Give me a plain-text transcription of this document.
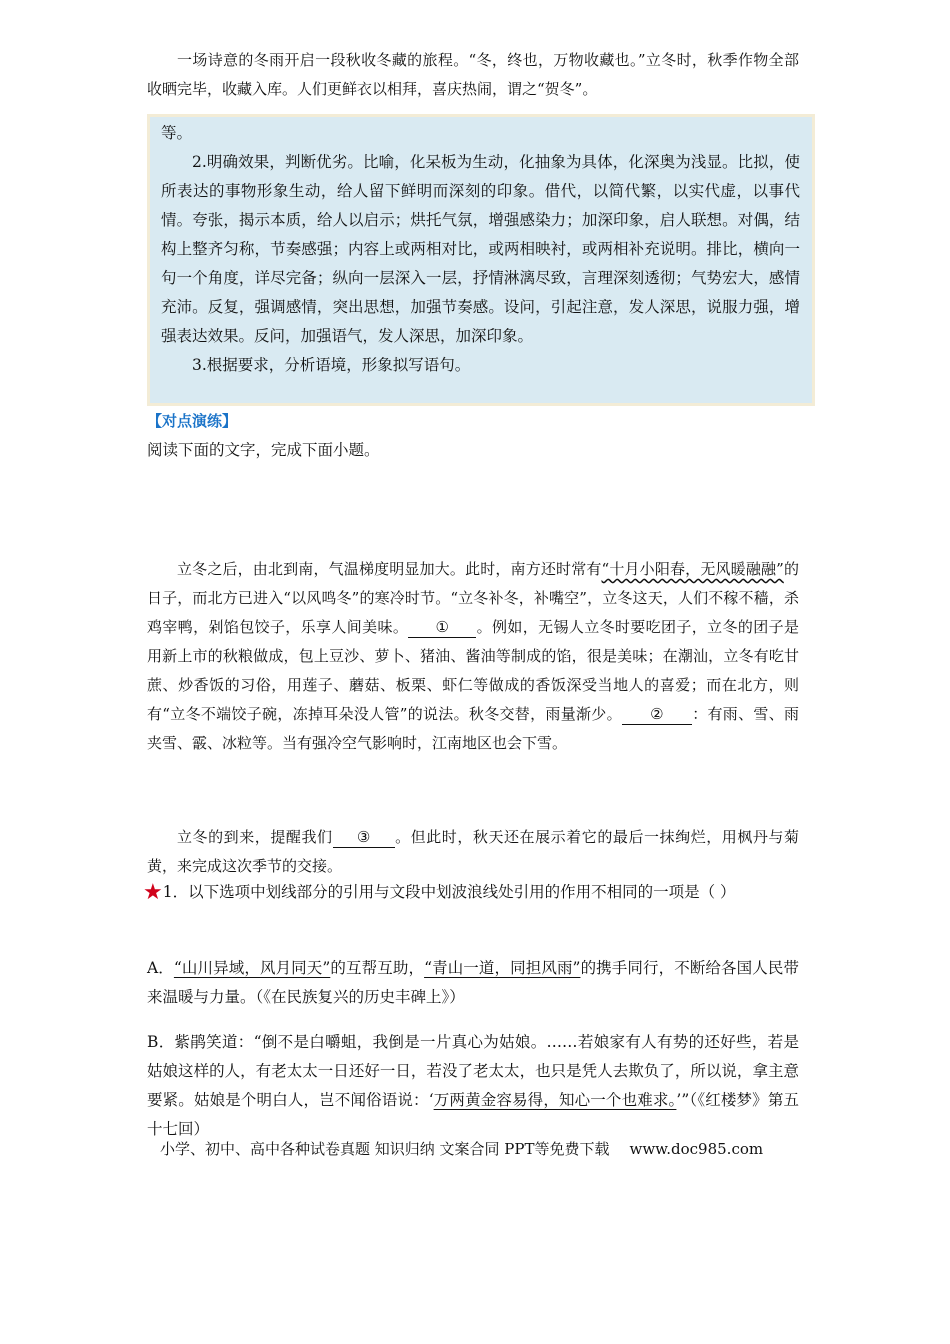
等。

2.明确效果，判断优劣。比喻，化呆板为生动，化抽象为具体，化深奥为浅显。比拟，使所表达的事物形象生动，给人留下鲜明而深刻的印象。借代，以简代繁，以实代虚，以事代情。夸张，揭示本质，给人以启示；烘托气氛，增强感染力；加深印象，启人联想。对偶，结构上整齐匀称，节奏感强；内容上或两相对比，或两相映衬，或两相补充说明。排比，横向一句一个角度，详尽完备；纵向一层深入一层，抒情淋漓尽致，言理深刻透彻；气势宏大，感情充沛。反复，强调感情，突出思想，加强节奏感。设问，引起注意，发人深思，说服力强，增强表达效果。反问，加强语气，发人深思，加深印象。

3.根据要求，分析语境，形象拟写语句。

【对点演练】
阅读下面的文字，完成下面小题。

一场诗意的冬雨开启一段秋收冬藏的旅程。“冬，终也，万物收藏也。”立冬时，秋季作物全部收晒完毕，收藏入库。人们更鲜衣以相拜，喜庆热闹，谓之“贺冬”。

立冬之后，由北到南，气温梯度明显加大。此时，南方还时常有“十月小阳春，无风暖融融”的日子，而北方已进入“以风鸣冬”的寒冷时节。“立冬补冬，补嘴空”，立冬这天，人们不稼不穑，杀鸡宰鸭，剁馅包饺子，乐享人间美味。 ① 。例如，无锡人立冬时要吃团子，立冬的团子是用新上市的秋粮做成，包上豆沙、萝卜、猪油、酱油等制成的馅，很是美味；在潮汕，立冬有吃甘蔗、炒香饭的习俗，用莲子、蘑菇、板栗、虾仁等做成的香饭深受当地人的喜爱；而在北方，则有“立冬不端饺子碗，冻掉耳朵没人管”的说法。秋冬交替，雨量渐少。 ② ：有雨、雪、雨夹雪、霰、冰粒等。当有强冷空气影响时，江南地区也会下雪。

立冬的到来，提醒我们 ③ 。但此时，秋天还在展示着它的最后一抹绚烂，用枫丹与菊黄，来完成这次季节的交接。

★1．以下选项中划线部分的引用与文段中划波浪线处引用的作用不相同的一项是（ ）
A．“山川异域，风月同天”的互帮互助，“青山一道，同担风雨”的携手同行，不断给各国人民带来温暖与力量。（《在民族复兴的历史丰碑上》）
B．紫鹃笑道：“倒不是白嚼蛆，我倒是一片真心为姑娘。……若娘家有人有势的还好些，若是姑娘这样的人，有老太太一日还好一日，若没了老太太，也只是凭人去欺负了，所以说，拿主意要紧。姑娘是个明白人，岂不闻俗语说：‘万两黄金容易得，知心一个也难求。’”（《红楼梦》第五十七回）
小学、初中、高中各种试卷真题 知识归纳 文案合同 PPT等免费下载 www.doc985.com
